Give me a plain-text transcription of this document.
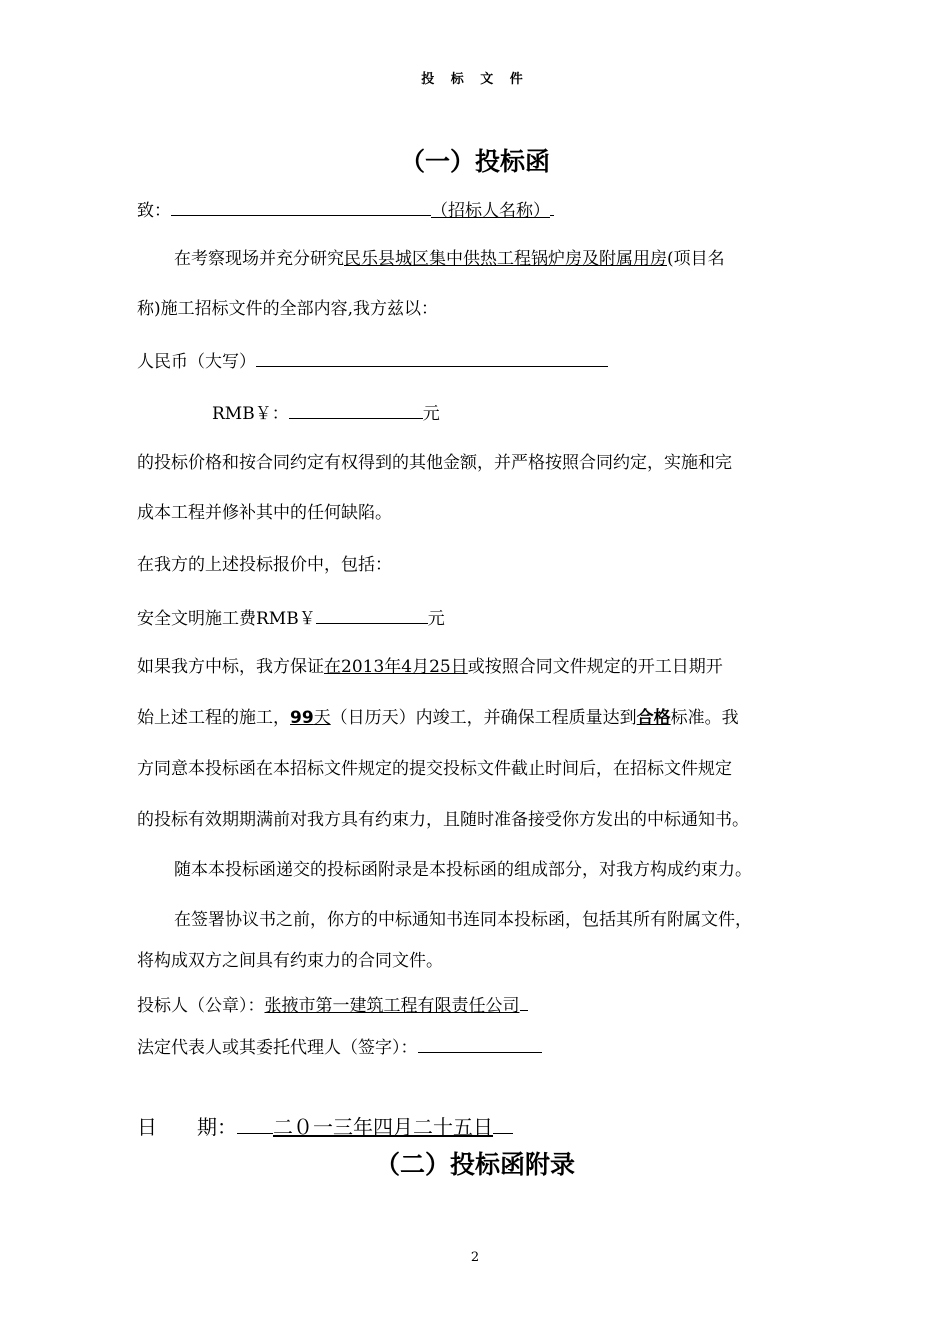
投 标 文 件
（一）投标函
致：	（招标人名称）
在考察现场并充分研究民乐县城区集中供热工程锅炉房及附属用房(项目名
称)施工招标文件的全部内容,我方兹以：
人民币（大写）
RMB￥：	元
的投标价格和按合同约定有权得到的其他金额，并严格按照合同约定，实施和完
成本工程并修补其中的任何缺陷。
在我方的上述投标报价中，包括：
安全文明施工费RMB￥	元
如果我方中标，我方保证在2013年4月25日或按照合同文件规定的开工日期开
始上述工程的施工，99天（日历天）内竣工，并确保工程质量达到合格标准。我
方同意本投标函在本招标文件规定的提交投标文件截止时间后，在招标文件规定
的投标有效期期满前对我方具有约束力，且随时准备接受你方发出的中标通知书。
随本本投标函递交的投标函附录是本投标函的组成部分，对我方构成约束力。
在签署协议书之前，你方的中标通知书连同本投标函，包括其所有附属文件，
将构成双方之间具有约束力的合同文件。
投标人（公章）：张掖市第一建筑工程有限责任公司
法定代表人或其委托代理人（签字）：
日 期： 二０一三年四月二十五日
（二）投标函附录
2
